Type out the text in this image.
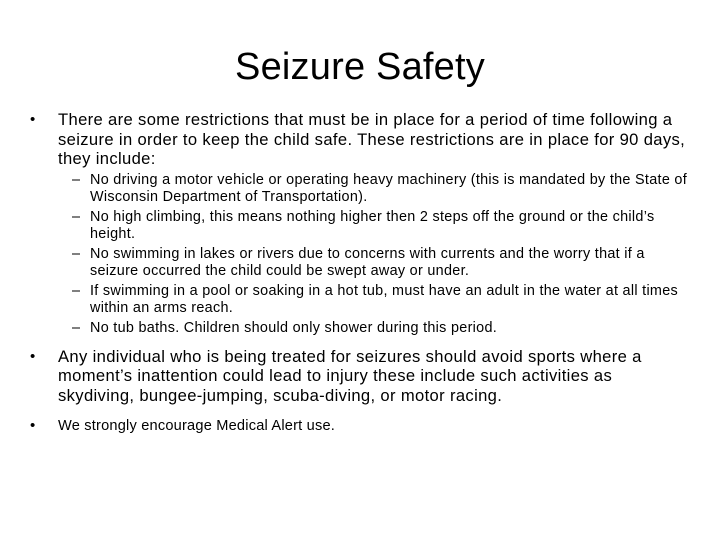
Seizure Safety
•	There are some restrictions that must be in place for a period of time following a seizure in order to keep the child safe. These restrictions are in place for 90 days, they include:
– No driving a motor vehicle or operating heavy machinery (this is mandated by the State of Wisconsin Department of Transportation).
– No high climbing, this means nothing higher then 2 steps off the ground or the child’s height.
– No swimming in lakes or rivers due to concerns with currents and the worry that if a seizure occurred the child could be swept away or under.
– If swimming in a pool or soaking in a hot tub, must have an adult in the water at all times within an arms reach.
– No tub baths. Children should only shower during this period.
•	Any individual who is being treated for seizures should avoid sports where a moment’s inattention could lead to injury these include such activities as skydiving, bungee-jumping, scuba-diving, or motor racing.
•	We strongly encourage Medical Alert use.
